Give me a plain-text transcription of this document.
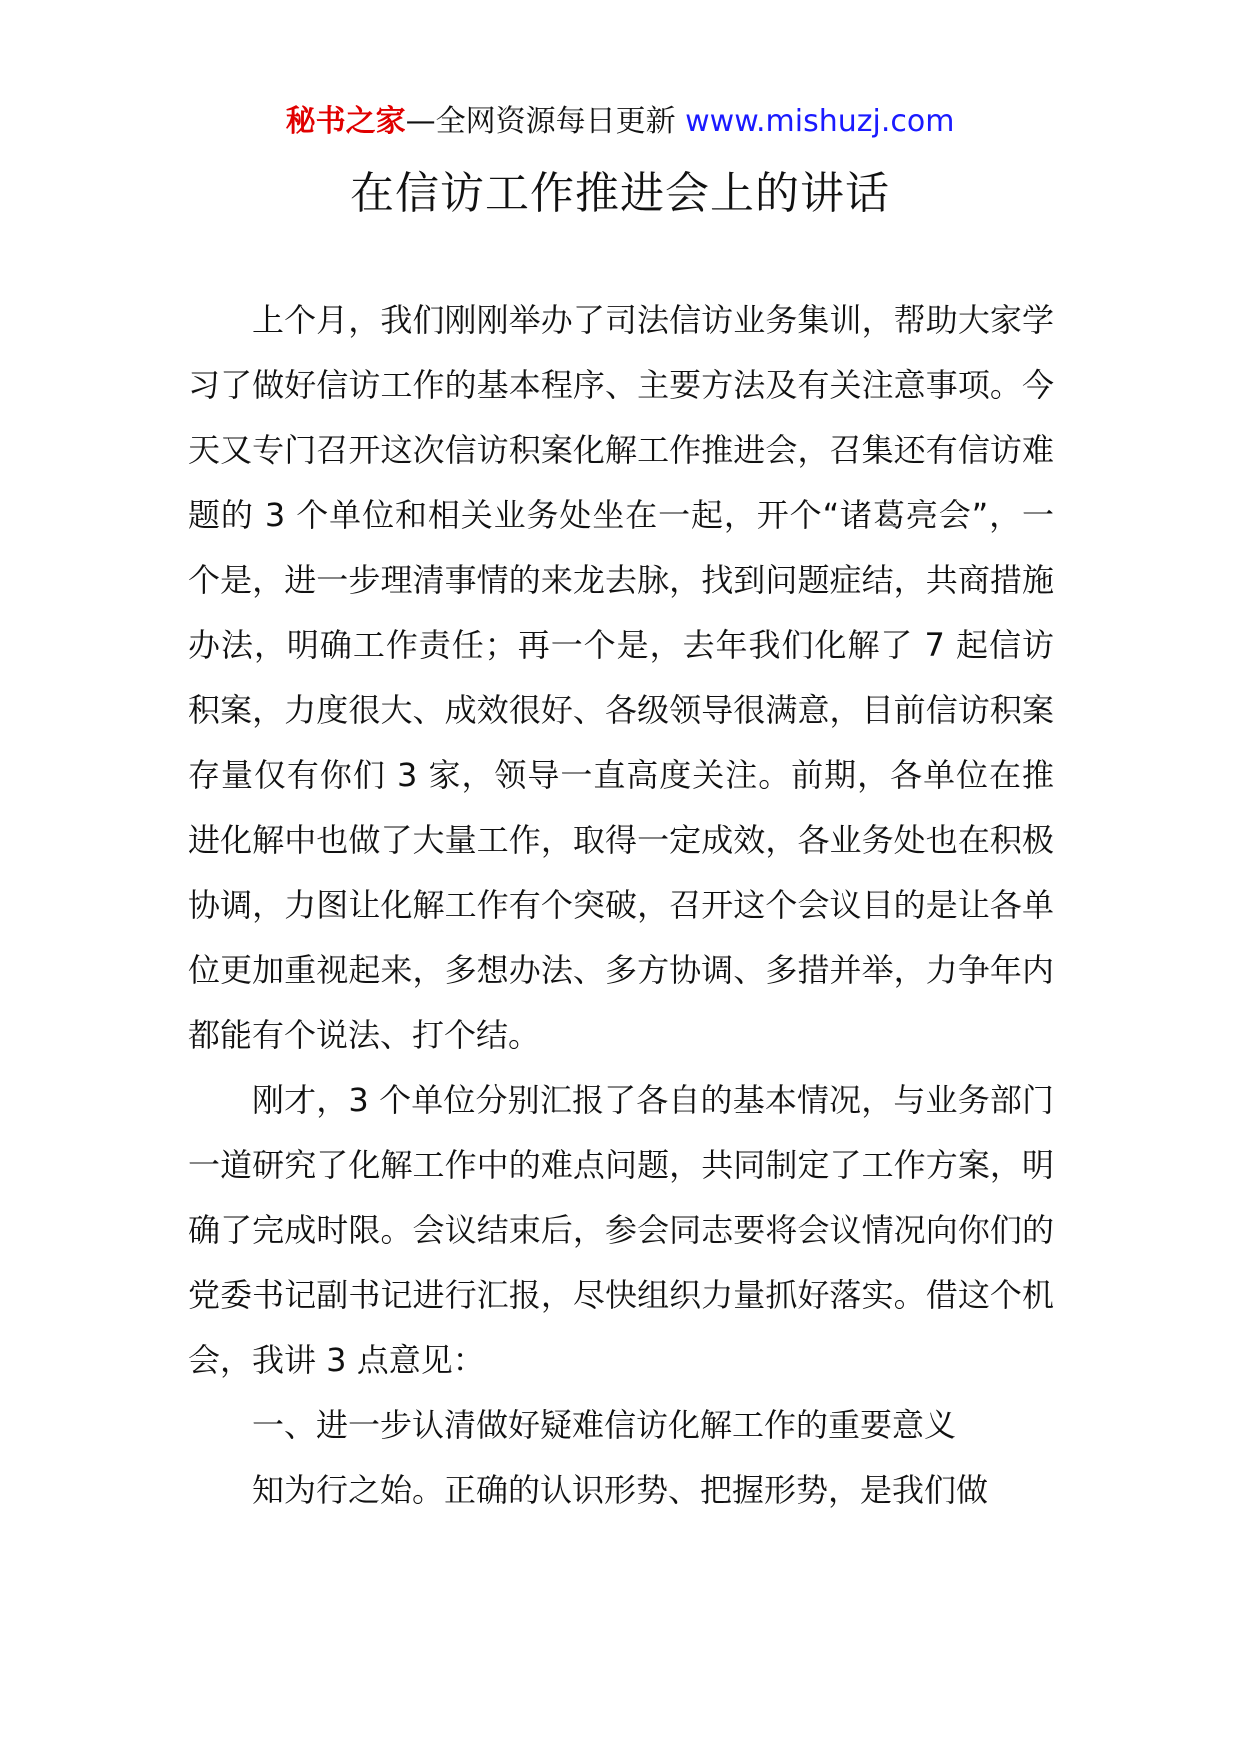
秘书之家—全网资源每日更新 www.mishuzj.com
在信访工作推进会上的讲话

上个月，我们刚刚举办了司法信访业务集训，帮助大家学习了做好信访工作的基本程序、主要方法及有关注意事项。今天又专门召开这次信访积案化解工作推进会，召集还有信访难题的 3 个单位和相关业务处坐在一起，开个“诸葛亮会”，一个是，进一步理清事情的来龙去脉，找到问题症结，共商措施办法，明确工作责任；再一个是，去年我们化解了 7 起信访积案，力度很大、成效很好、各级领导很满意，目前信访积案存量仅有你们 3 家，领导一直高度关注。前期，各单位在推进化解中也做了大量工作，取得一定成效，各业务处也在积极协调，力图让化解工作有个突破，召开这个会议目的是让各单位更加重视起来，多想办法、多方协调、多措并举，力争年内都能有个说法、打个结。

刚才，3 个单位分别汇报了各自的基本情况，与业务部门一道研究了化解工作中的难点问题，共同制定了工作方案，明确了完成时限。会议结束后，参会同志要将会议情况向你们的党委书记副书记进行汇报，尽快组织力量抓好落实。借这个机会，我讲 3 点意见：

一、进一步认清做好疑难信访化解工作的重要意义

知为行之始。正确的认识形势、把握形势，是我们做
